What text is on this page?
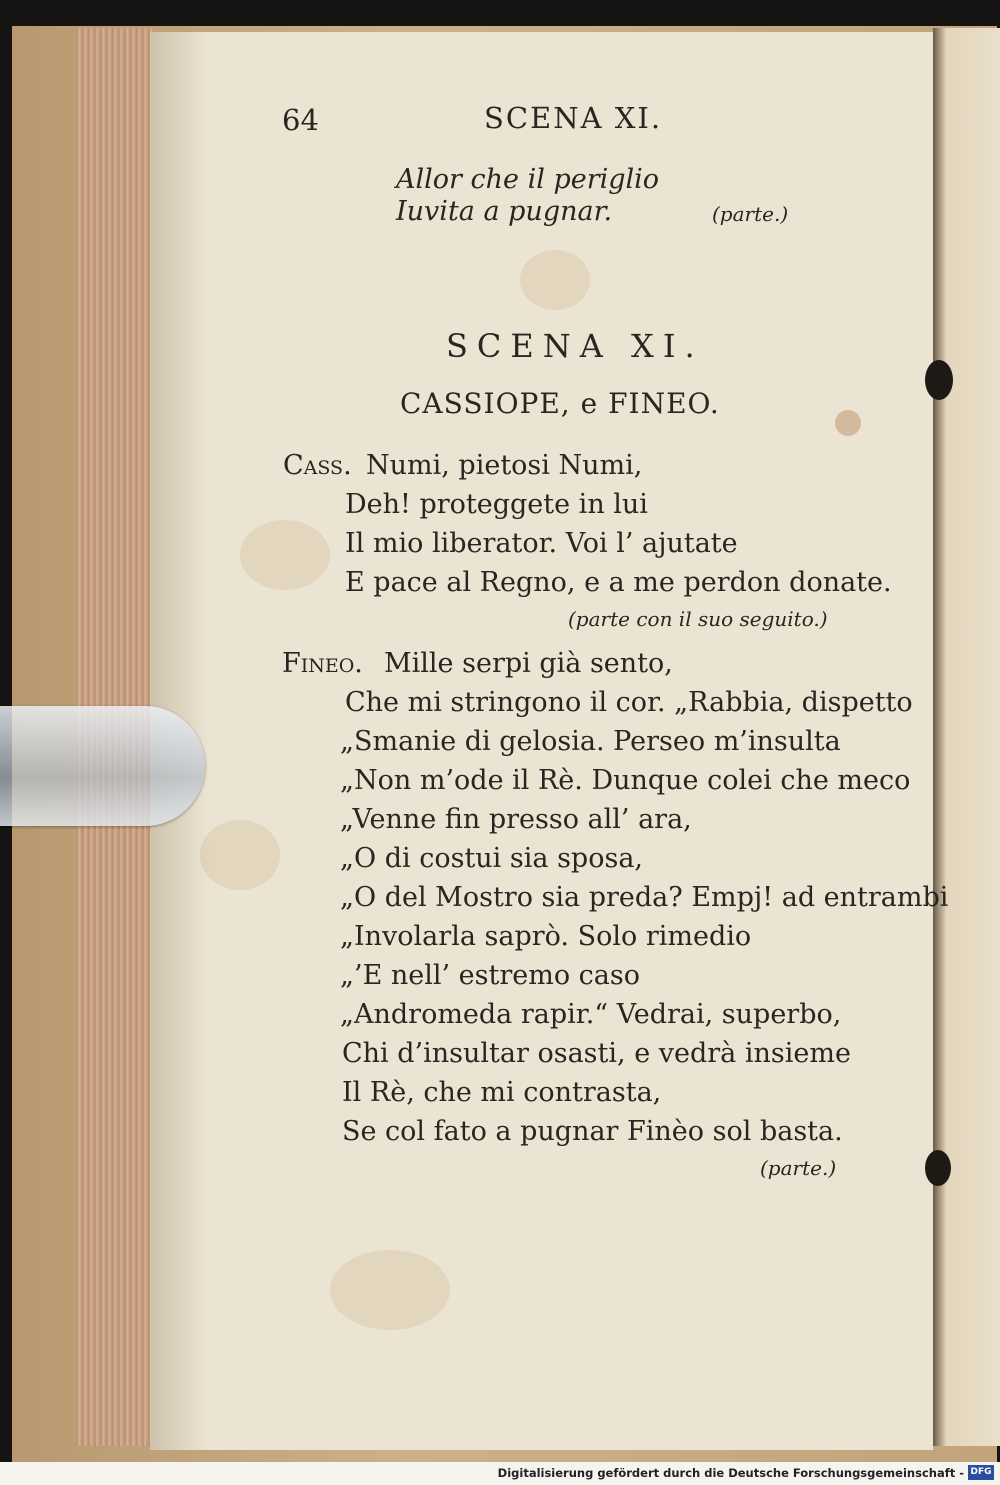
64	SCENA XI.
Allor che il periglio
Iuvita a pugnar.	(parte.)
SCENA XI.
CASSIOPE, e FINEO.
Cass. Numi, pietosi Numi,
Deh! proteggete in lui
Il mio liberator. Voi l’ ajutate
E pace al Regno, e a me perdon donate.
(parte con il suo seguito.)
Fineo. Mille serpi già sento,
Che mi stringono il cor. „Rabbia, dispetto
„Smanie di gelosia. Perseo m’insulta
„Non m’ode il Rè. Dunque colei che meco
„Venne fin presso all’ ara,
„O di costui sia sposa,
„O del Mostro sia preda? Empj! ad entrambi
„Involarla saprò. Solo rimedio
„’E nell’ estremo caso
„Andromeda rapir.“ Vedrai, superbo,
Chi d’insultar osasti, e vedrà insieme
Il Rè, che mi contrasta,
Se col fato a pugnar Finèo sol basta.
(parte.)
Digitalisierung gefördert durch die Deutsche Forschungsgemeinschaft - DFG
